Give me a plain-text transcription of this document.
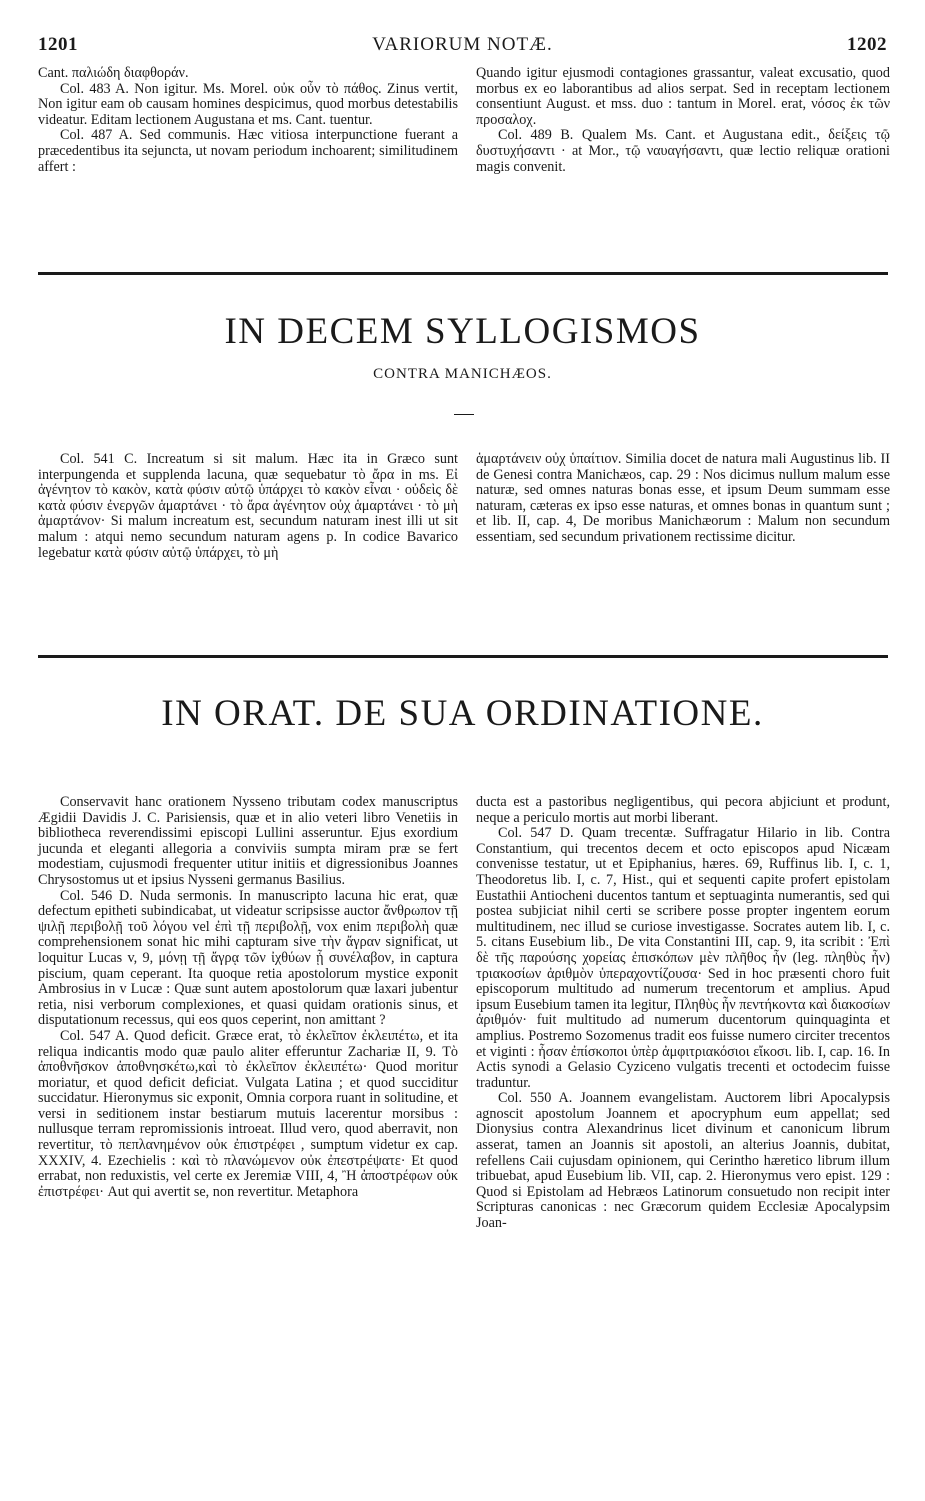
1201	VARIORUM NOTÆ.	1202

Cant. παλιώδη διαφθοράν.

Col. 483 A. Non igitur. Ms. Morel. οὐκ οὖν τὸ πάθος. Zinus vertit, Non igitur eam ob causam homines despicimus, quod morbus detestabilis videatur. Editam lectionem Augustana et ms. Cant. tuentur.

Col. 487 A. Sed communis. Hæc vitiosa interpunctione fuerant a præcedentibus ita sejuncta, ut novam periodum inchoarent; similitudinem affert :

Quando igitur ejusmodi contagiones grassantur, valeat excusatio, quod morbus ex eo laborantibus ad alios serpat. Sed in receptam lectionem consentiunt August. et mss. duo : tantum in Morel. erat, νόσος ἐκ τῶν προσαλοχ.

Col. 489 B. Qualem Ms. Cant. et Augustana edit., δείξεις τῷ δυστυχήσαντι · at Mor., τῷ ναυαγήσαντι, quæ lectio reliquæ orationi magis convenit.

IN DECEM SYLLOGISMOS
CONTRA MANICHÆOS.

Col. 541 C. Increatum si sit malum. Hæc ita in Græco sunt interpungenda et supplenda lacuna, quæ sequebatur τὸ ἄρα in ms. Εἰ ἀγένητον τὸ κακὸν, κατὰ φύσιν αὐτῷ ὑπάρχει τὸ κακὸν εἶναι · οὐδεὶς δὲ κατὰ φύσιν ἐνεργῶν ἁμαρτάνει · τὸ ἄρα ἀγένητον οὐχ ἁμαρτάνει · τὸ μὴ ἁμαρτάνον· Si malum increatum est, secundum naturam inest illi ut sit malum : atqui nemo secundum naturam agens p. In codice Bavarico legebatur κατὰ φύσιν αὐτῷ ὑπάρχει, τὸ μὴ

ἁμαρτάνειν οὐχ ὑπαίτιον. Similia docet de natura mali Augustinus lib. II de Genesi contra Manichæos, cap. 29 : Nos dicimus nullum malum esse naturæ, sed omnes naturas bonas esse, et ipsum Deum summam esse naturam, cæteras ex ipso esse naturas, et omnes bonas in quantum sunt ; et lib. II, cap. 4, De moribus Manichæorum : Malum non secundum essentiam, sed secundum privationem rectissime dicitur.

IN ORAT. DE SUA ORDINATIONE.

Conservavit hanc orationem Nysseno tributam codex manuscriptus Ægidii Davidis J. C. Parisiensis, quæ et in alio veteri libro Venetiis in bibliotheca reverendissimi episcopi Lullini asseruntur. Ejus exordium jucunda et eleganti allegoria a conviviis sumpta miram præ se fert modestiam, cujusmodi frequenter utitur initiis et digressionibus Joannes Chrysostomus ut et ipsius Nysseni germanus Basilius.

Col. 546 D. Nuda sermonis. In manuscripto lacuna hic erat, quæ defectum epitheti subindicabat, ut videatur scripsisse auctor ἄνθρωπον τῇ ψιλῇ περιβολῇ τοῦ λόγου vel ἐπὶ τῇ περιβολῇ, vox enim περιβολὴ quæ comprehensionem sonat hic mihi capturam sive τὴν ἄγραν significat, ut loquitur Lucas v, 9, μόνῃ τῇ ἄγρᾳ τῶν ἰχθύων ᾗ συνέλαβον, in captura piscium, quam ceperant. Ita quoque retia apostolorum mystice exponit Ambrosius in v Lucæ : Quæ sunt autem apostolorum quæ laxari jubentur retia, nisi verborum complexiones, et quasi quidam orationis sinus, et disputationum recessus, qui eos quos ceperint, non amittant ?

Col. 547 A. Quod deficit. Græce erat, τὸ ἐκλεῖπον ἐκλειπέτω, et ita reliqua indicantis modo quæ paulo aliter efferuntur Zachariæ II, 9. Τὸ ἀποθνῆσκον ἀποθνησκέτω,καὶ τὸ ἐκλεῖπον ἐκλειπέτω· Quod moritur moriatur, et quod deficit deficiat. Vulgata Latina ; et quod succiditur succidatur. Hieronymus sic exponit, Omnia corpora ruant in solitudine, et versi in seditionem instar bestiarum mutuis lacerentur morsibus : nullusque terram repromissionis introeat. Illud vero, quod aberravit, non revertitur, τὸ πεπλανημένον οὐκ ἐπιστρέφει , sumptum videtur ex cap. XXXIV, 4. Ezechielis : καὶ τὸ πλανώμενον οὐκ ἐπεστρέψατε· Et quod errabat, non reduxistis, vel certe ex Jeremiæ VIII, 4, Ἢ ἀποστρέφων οὐκ ἐπιστρέφει· Aut qui avertit se, non revertitur. Metaphora

ducta est a pastoribus negligentibus, qui pecora abjiciunt et produnt, neque a periculo mortis aut morbi liberant.

Col. 547 D. Quam trecentæ. Suffragatur Hilario in lib. Contra Constantium, qui trecentos decem et octo episcopos apud Nicæam convenisse testatur, ut et Epiphanius, hæres. 69, Ruffinus lib. I, c. 1, Theodoretus lib. I, c. 7, Hist., qui et sequenti capite profert epistolam Eustathii Antiocheni ducentos tantum et septuaginta numerantis, sed qui postea subjiciat nihil certi se scribere posse propter ingentem eorum multitudinem, nec illud se curiose investigasse. Socrates autem lib. I, c. 5. citans Eusebium lib., De vita Constantini III, cap. 9, ita scribit : Ἐπὶ δὲ τῆς παρούσης χορείας ἐπισκόπων μὲν πλῆθος ἦν (leg. πληθὺς ἦν) τριακοσίων ἀριθμὸν ὑπεραχοντίζουσα· Sed in hoc præsenti choro fuit episcoporum multitudo ad numerum trecentorum et amplius. Apud ipsum Eusebium tamen ita legitur, Πληθὺς ἦν πεντήκοντα καὶ διακοσίων ἀριθμόν· fuit multitudo ad numerum ducentorum quinquaginta et amplius. Postremo Sozomenus tradit eos fuisse numero circiter trecentos et viginti : ἦσαν ἐπίσκοποι ὑπὲρ ἀμφιτριακόσιοι εἴκοσι. lib. I, cap. 16. In Actis synodi a Gelasio Cyziceno vulgatis trecenti et octodecim fuisse traduntur.

Col. 550 A. Joannem evangelistam. Auctorem libri Apocalypsis agnoscit apostolum Joannem et apocryphum eum appellat; sed Dionysius contra Alexandrinus licet divinum et canonicum librum asserat, tamen an Joannis sit apostoli, an alterius Joannis, dubitat, refellens Caii cujusdam opinionem, qui Cerintho hæretico librum illum tribuebat, apud Eusebium lib. VII, cap. 2. Hieronymus vero epist. 129 : Quod si Epistolam ad Hebræos Latinorum consuetudo non recipit inter Scripturas canonicas : nec Græcorum quidem Ecclesiæ Apocalypsim Joan-
